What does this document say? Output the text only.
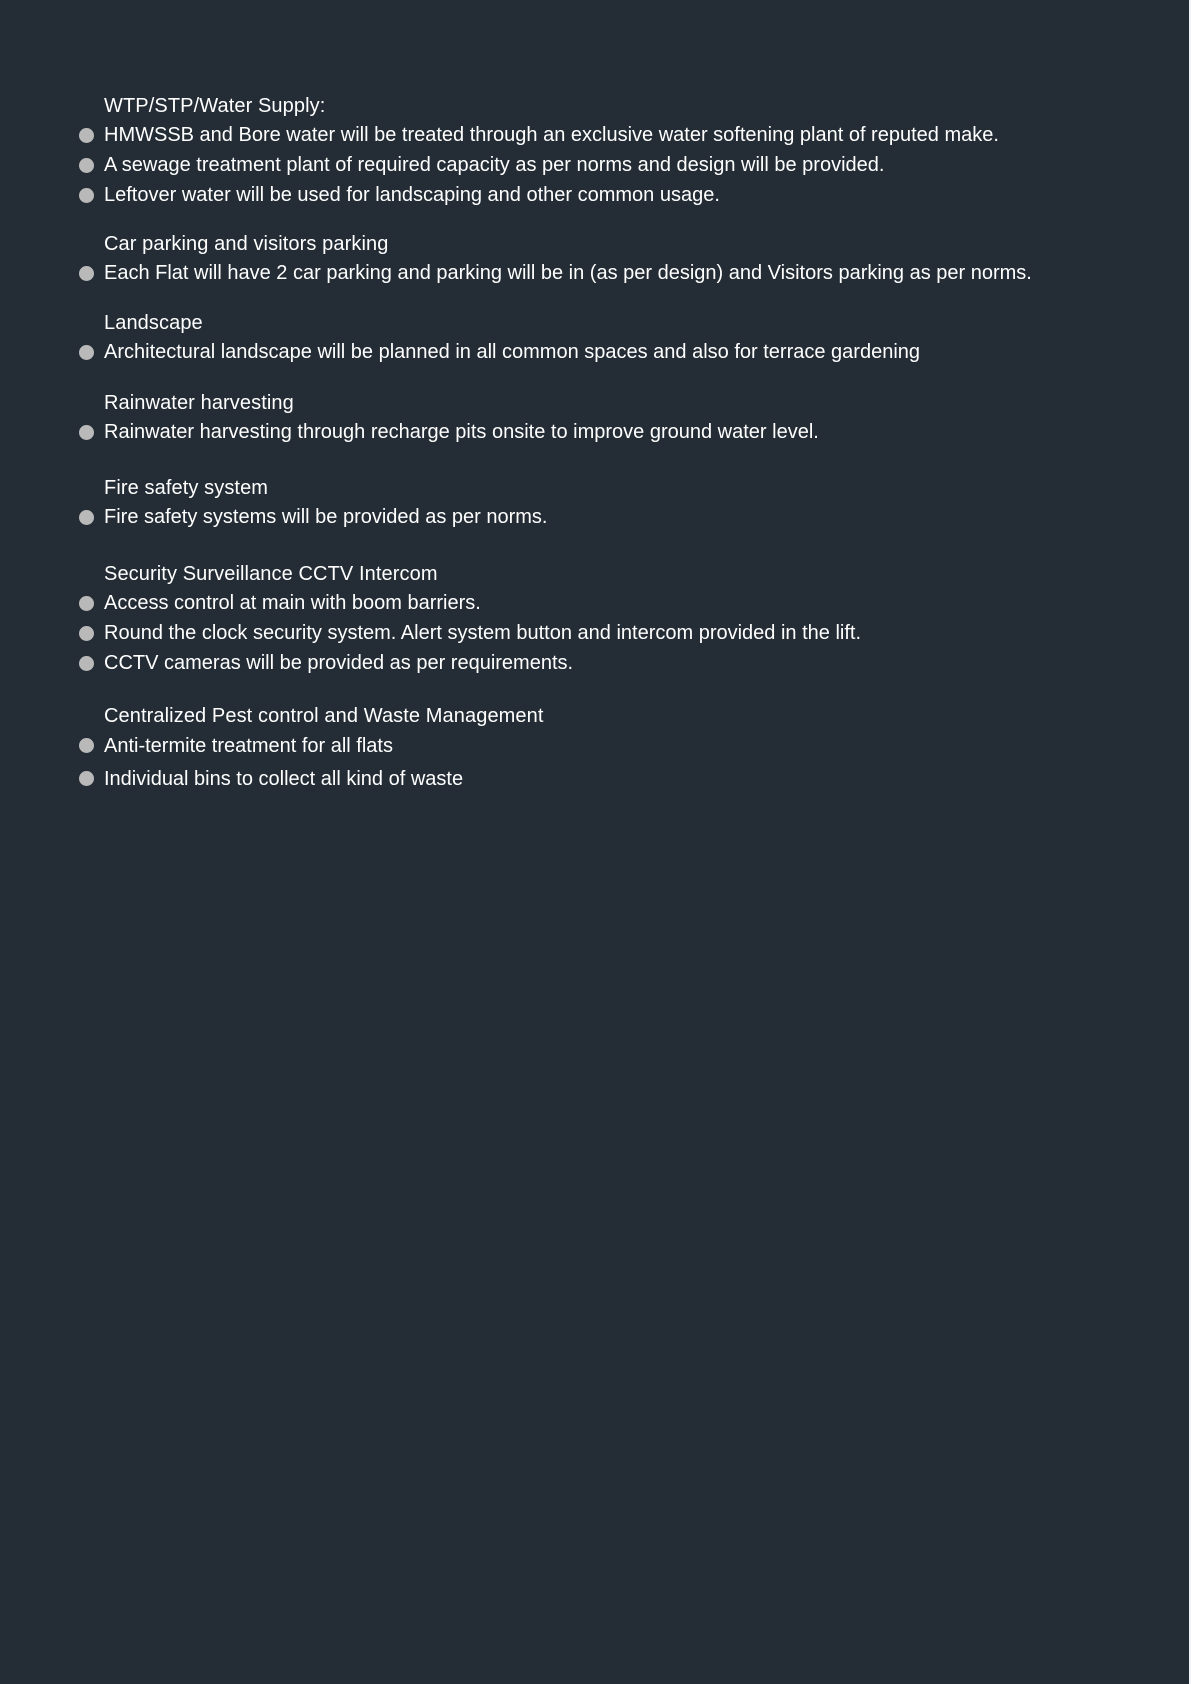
WTP/STP/Water Supply:
HMWSSB and Bore water will be treated through an exclusive water softening plant of reputed make.
A sewage treatment plant of required capacity as per norms and design will be provided.
Leftover water will be used for landscaping and other common usage.
Car parking and visitors parking
Each Flat will have 2 car parking and parking will be in (as per design) and Visitors parking as per norms.
Landscape
Architectural landscape will be planned in all common spaces and also for terrace gardening
Rainwater harvesting
Rainwater harvesting through recharge pits onsite to improve ground water level.
Fire safety system
Fire safety systems will be provided as per norms.
Security Surveillance CCTV Intercom
Access control at main with boom barriers.
Round the clock security system. Alert system button and intercom provided in the lift.
CCTV cameras will be provided as per requirements.
Centralized Pest control and Waste Management
Anti-termite treatment for all flats
Individual bins to collect all kind of waste
